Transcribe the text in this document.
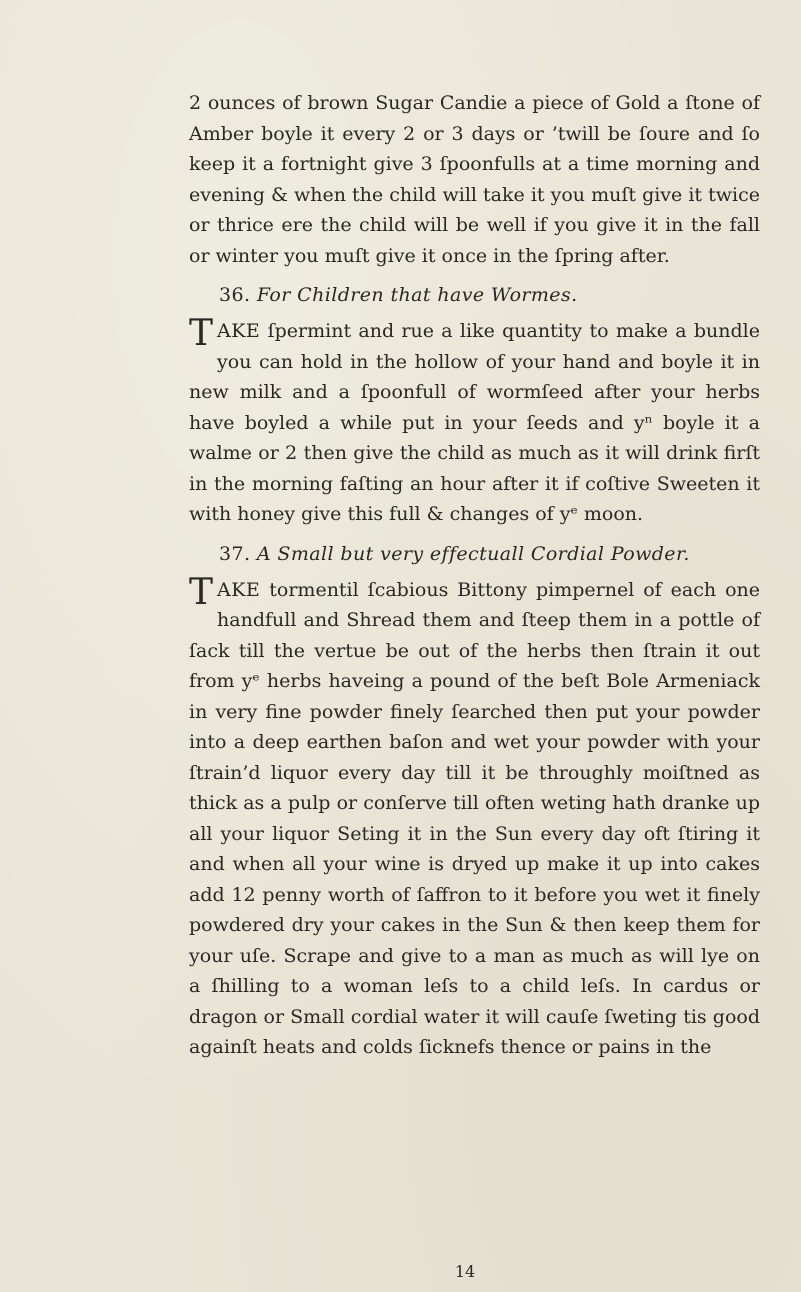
2 ounces of brown Sugar Candie a piece of Gold a ſtone of Amber boyle it every 2 or 3 days or ’twill be ſoure and ſo keep it a fortnight give 3 ſpoonfulls at a time morning and evening & when the child will take it you muſt give it twice or thrice ere the child will be well if you give it in the fall or winter you muſt give it once in the ſpring after.

36. For Children that have Wormes.

TAKE ſpermint and rue a like quantity to make a bundle you can hold in the hollow of your hand and boyle it in new milk and a ſpoonfull of wormſeed after your herbs have boyled a while put in your ſeeds and yⁿ boyle it a walme or 2 then give the child as much as it will drink firſt in the morning faſting an hour after it if coſtive Sweeten it with honey give this full & changes of yᵉ moon.

37. A Small but very effectuall Cordial Powder.

TAKE tormentil ſcabious Bittony pimpernel of each one handfull and Shread them and ſteep them in a pottle of ſack till the vertue be out of the herbs then ſtrain it out from yᵉ herbs haveing a pound of the beſt Bole Armeniack in very fine powder finely ſearched then put your powder into a deep earthen baſon and wet your powder with your ſtrain’d liquor every day till it be throughly moiſtned as thick as a pulp or conſerve till often weting hath dranke up all your liquor Seting it in the Sun every day oft ſtiring it and when all your wine is dryed up make it up into cakes add 12 penny worth of ſaffron to it before you wet it finely powdered dry your cakes in the Sun & then keep them for your uſe. Scrape and give to a man as much as will lye on a ſhilling to a woman leſs to a child leſs. In cardus or dragon or Small cordial water it will cauſe ſweting tis good againſt heats and colds ſicknefs thence or pains in the

14
